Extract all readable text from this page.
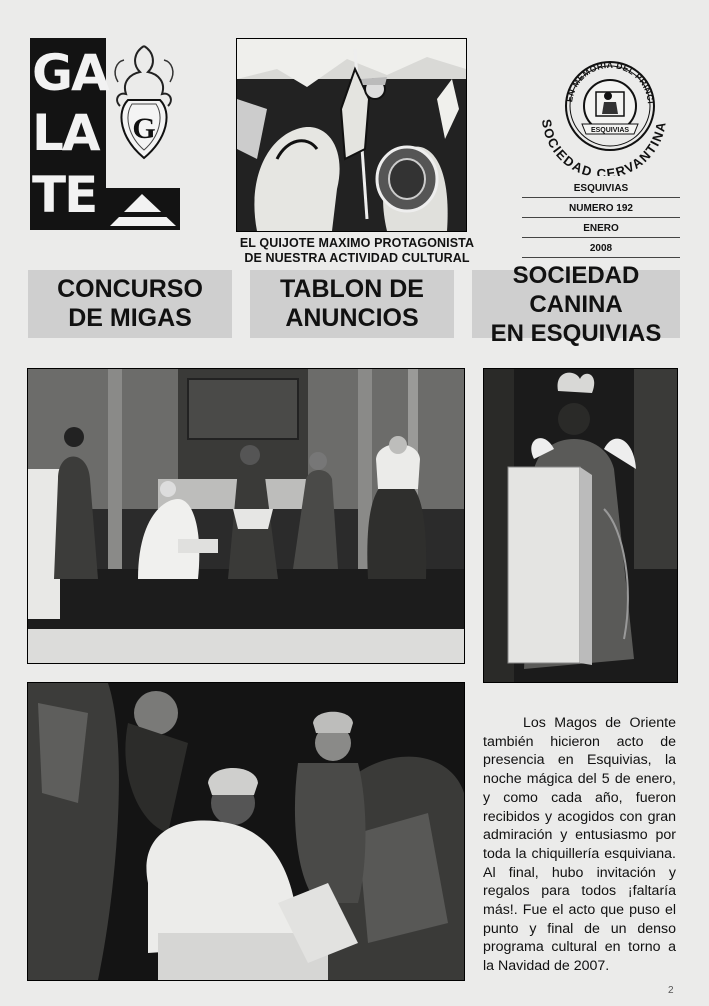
GA
LA
TE
G
A
EL QUIJOTE MAXIMO PROTAGONISTA
DE NUESTRA ACTIVIDAD CULTURAL
EN MEMORIA DEL PRINCI
SOCIEDAD CERVANTINA
ESQUIVIAS
ESQUIVIAS
NUMERO 192
ENERO
2008
CONCURSO
DE MIGAS
TABLON DE
ANUNCIOS
SOCIEDAD CANINA
EN ESQUIVIAS
Los Magos de Oriente también hicieron acto de presencia en Esquivias, la noche mágica del 5 de enero, y como cada año, fueron recibidos y acogidos con gran admiración y entusiasmo por toda la chiquillería esquiviana. Al final, hubo invitación y regalos para todos ¡faltaría más!. Fue el acto que puso el punto y final de un denso programa cultural en torno a la Navidad de 2007.
2
